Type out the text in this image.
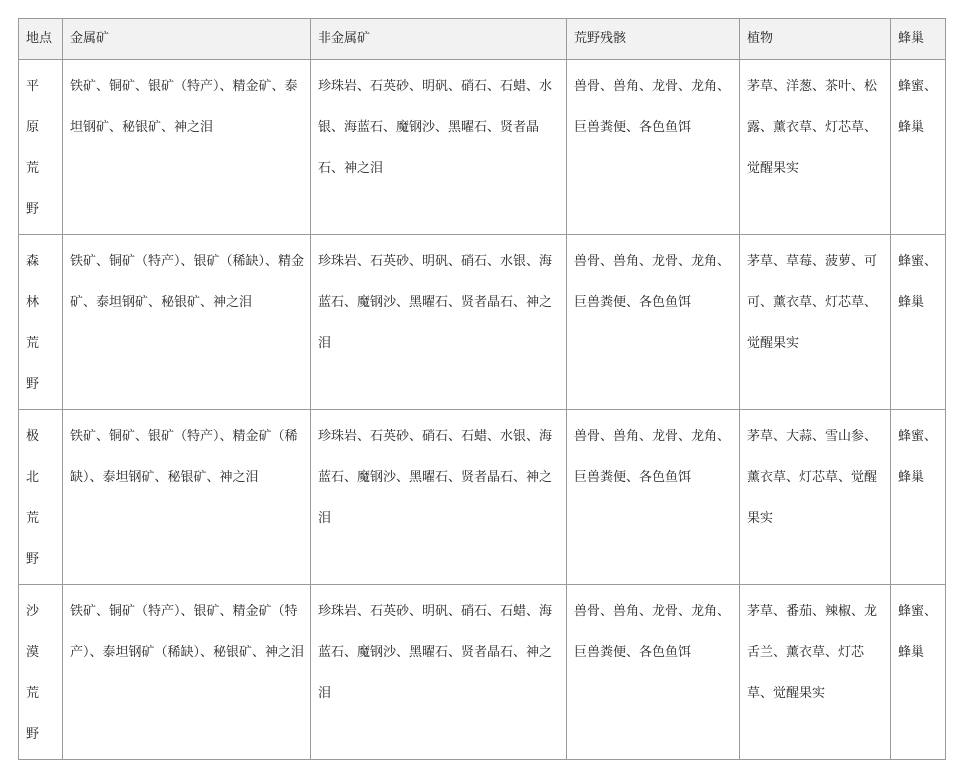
地点	金属矿	非金属矿	荒野残骸	植物	蜂巢
平原荒野	铁矿、铜矿、银矿（特产）、精金矿、泰坦钢矿、秘银矿、神之泪	珍珠岩、石英砂、明矾、硝石、石蜡、水银、海蓝石、魔钢沙、黑曜石、贤者晶石、神之泪	兽骨、兽角、龙骨、龙角、巨兽粪便、各色鱼饵	茅草、洋葱、茶叶、松露、薰衣草、灯芯草、觉醒果实	蜂蜜、蜂巢
森林荒野	铁矿、铜矿（特产）、银矿（稀缺）、精金矿、泰坦钢矿、秘银矿、神之泪	珍珠岩、石英砂、明矾、硝石、水银、海蓝石、魔钢沙、黑曜石、贤者晶石、神之泪	兽骨、兽角、龙骨、龙角、巨兽粪便、各色鱼饵	茅草、草莓、菠萝、可可、薰衣草、灯芯草、觉醒果实	蜂蜜、蜂巢
极北荒野	铁矿、铜矿、银矿（特产）、精金矿（稀缺）、泰坦钢矿、秘银矿、神之泪	珍珠岩、石英砂、硝石、石蜡、水银、海蓝石、魔钢沙、黑曜石、贤者晶石、神之泪	兽骨、兽角、龙骨、龙角、巨兽粪便、各色鱼饵	茅草、大蒜、雪山参、薰衣草、灯芯草、觉醒果实	蜂蜜、蜂巢
沙漠荒野	铁矿、铜矿（特产）、银矿、精金矿（特产）、泰坦钢矿（稀缺）、秘银矿、神之泪	珍珠岩、石英砂、明矾、硝石、石蜡、海蓝石、魔钢沙、黑曜石、贤者晶石、神之泪	兽骨、兽角、龙骨、龙角、巨兽粪便、各色鱼饵	茅草、番茄、辣椒、龙舌兰、薰衣草、灯芯草、觉醒果实	蜂蜜、蜂巢
